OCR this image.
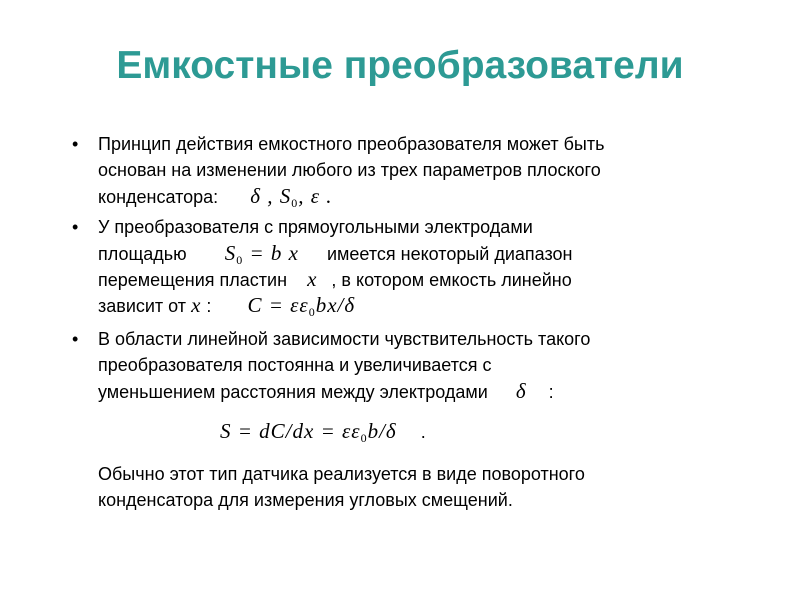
Емкостные преобразователи
• Принцип действия емкостного преобразователя может быть
основан на изменении любого из трех параметров плоского
конденсатора: δ , $S_0$, ε .
• У преобразователя с прямоугольными электродами
площадью $S_0 = b$ x имеется некоторый диапазон
перемещения пластин x , в котором емкость линейно
зависит от x : $C = \varepsilon\varepsilon_0bx/\delta$
• В области линейной зависимости чувствительность такого
преобразователя постоянна и увеличивается с
уменьшением расстояния между электродами δ :
$S = dC/dx = \varepsilon\varepsilon_0b/\delta$ .
Обычно этот тип датчика реализуется в виде поворотного
конденсатора для измерения угловых смещений.
